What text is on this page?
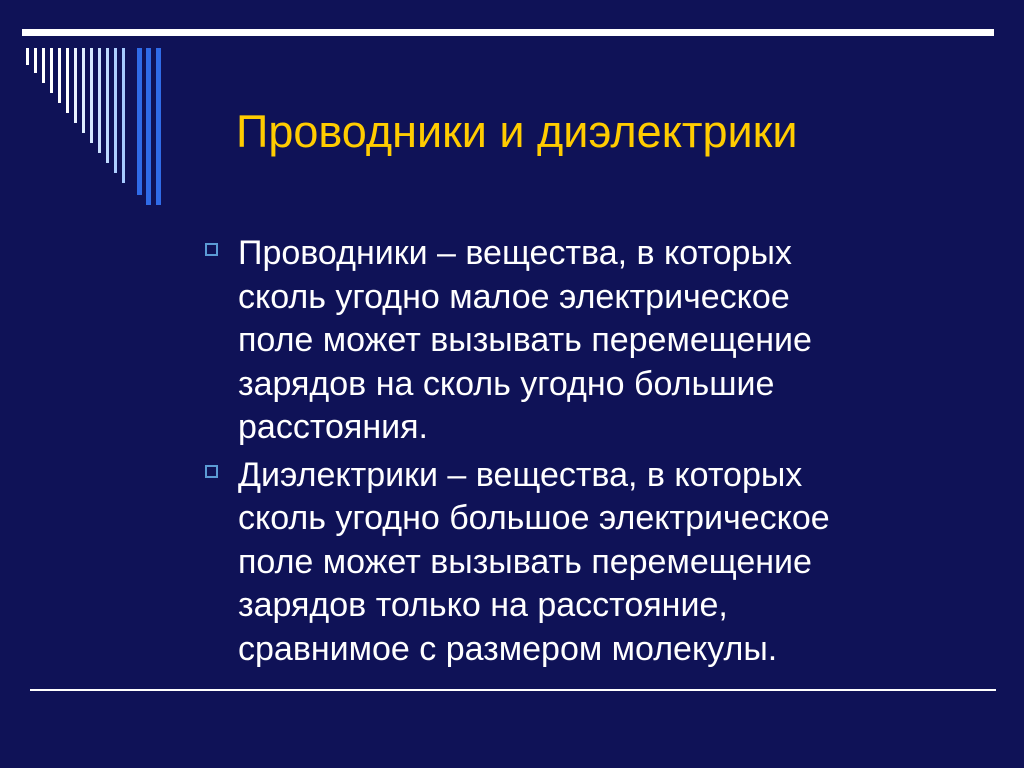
Проводники и диэлектрики
Проводники – вещества, в которых
сколь угодно малое электрическое
поле может вызывать перемещение
зарядов на сколь угодно большие
расстояния.
Диэлектрики – вещества, в которых
сколь угодно большое электрическое
поле может вызывать перемещение
зарядов только на расстояние,
сравнимое с размером молекулы.
